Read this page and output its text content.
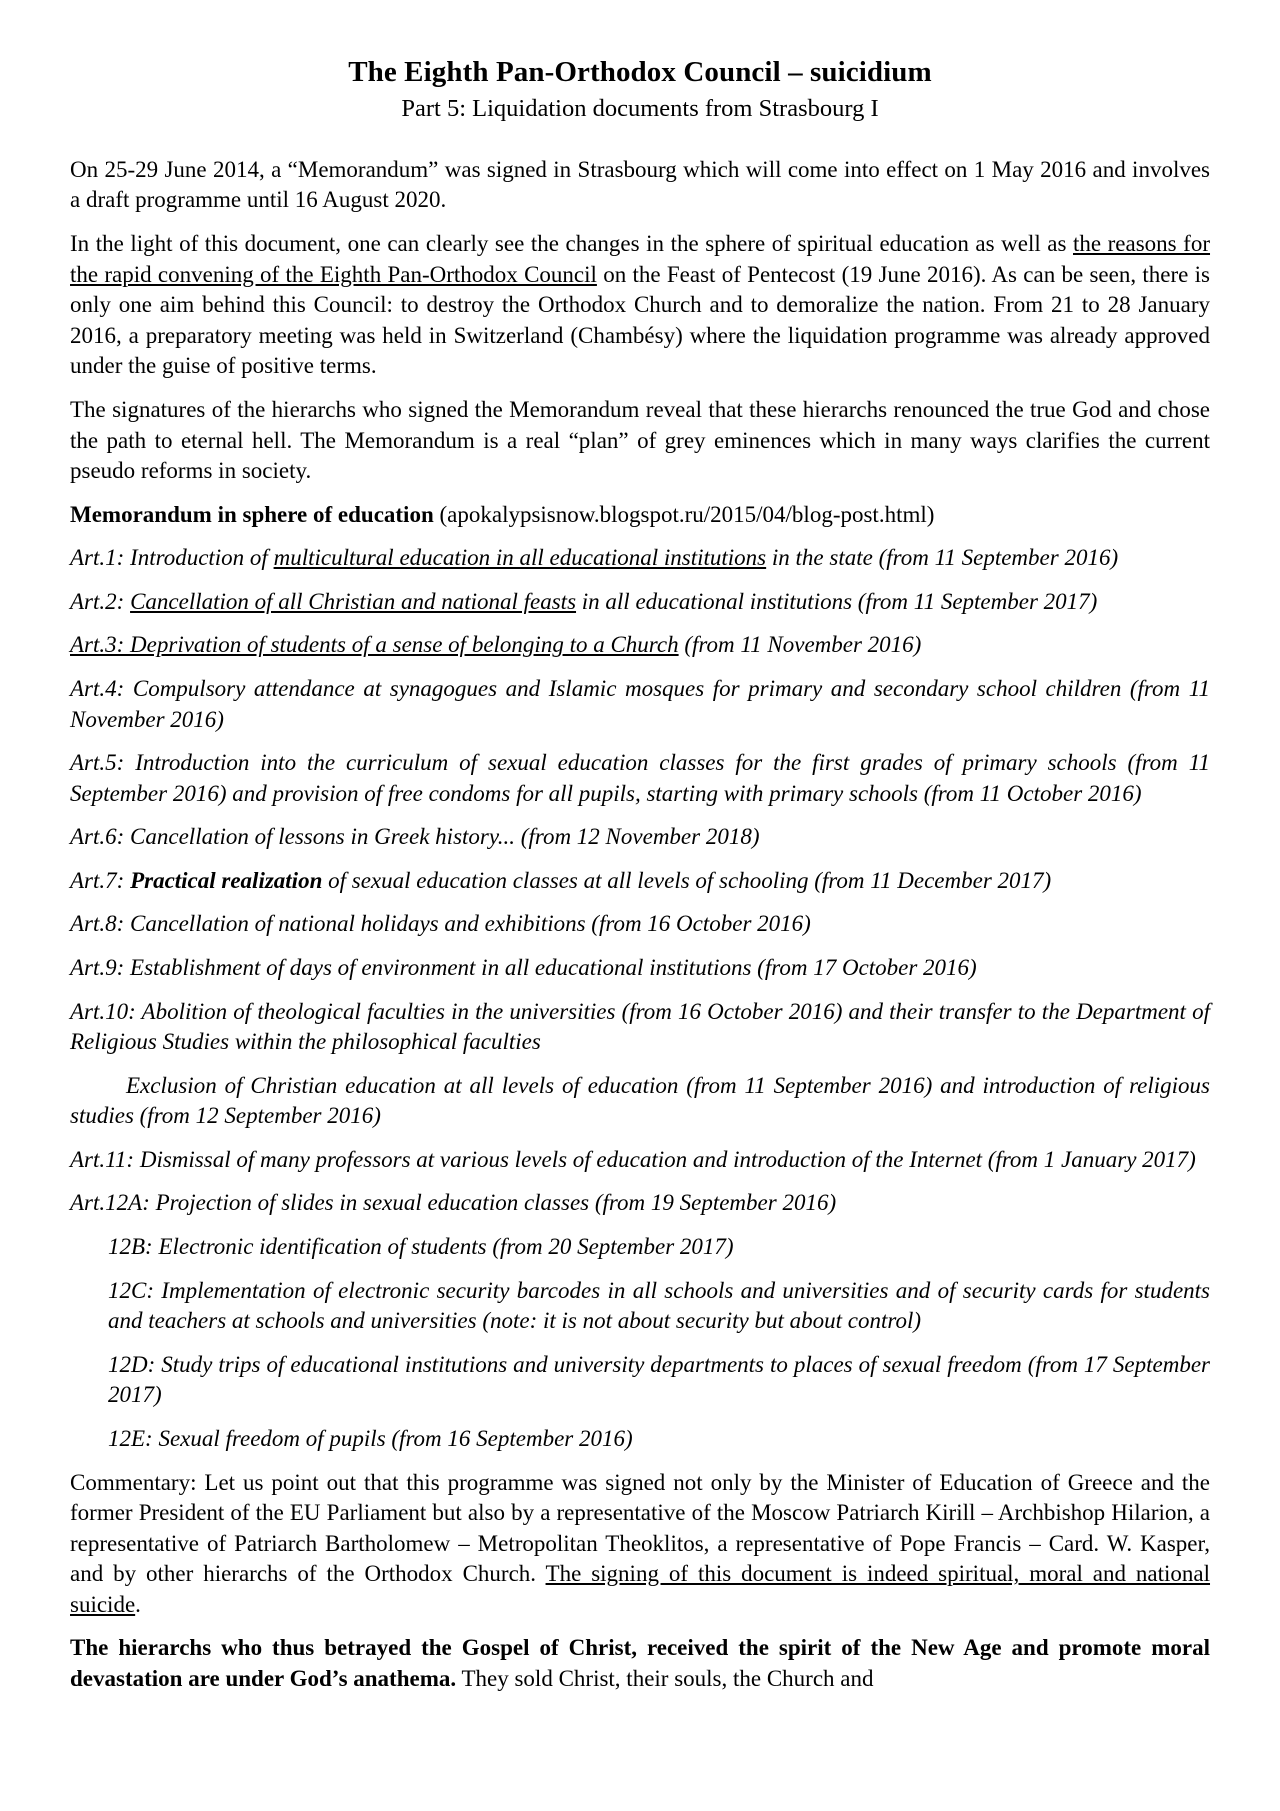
The Eighth Pan-Orthodox Council – suicidium
Part 5: Liquidation documents from Strasbourg I

On 25-29 June 2014, a “Memorandum” was signed in Strasbourg which will come into effect on 1 May 2016 and involves a draft programme until 16 August 2020.

In the light of this document, one can clearly see the changes in the sphere of spiritual education as well as the reasons for the rapid convening of the Eighth Pan-Orthodox Council on the Feast of Pentecost (19 June 2016). As can be seen, there is only one aim behind this Council: to destroy the Orthodox Church and to demoralize the nation. From 21 to 28 January 2016, a preparatory meeting was held in Switzerland (Chambésy) where the liquidation programme was already approved under the guise of positive terms.

The signatures of the hierarchs who signed the Memorandum reveal that these hierarchs renounced the true God and chose the path to eternal hell. The Memorandum is a real “plan” of grey eminences which in many ways clarifies the current pseudo reforms in society.

Memorandum in sphere of education (apokalypsisnow.blogspot.ru/2015/04/blog-post.html)

Art.1: Introduction of multicultural education in all educational institutions in the state (from 11 September 2016)

Art.2: Cancellation of all Christian and national feasts in all educational institutions (from 11 September 2017)

Art.3: Deprivation of students of a sense of belonging to a Church (from 11 November 2016)

Art.4: Compulsory attendance at synagogues and Islamic mosques for primary and secondary school children (from 11 November 2016)

Art.5: Introduction into the curriculum of sexual education classes for the first grades of primary schools (from 11 September 2016) and provision of free condoms for all pupils, starting with primary schools (from 11 October 2016)

Art.6: Cancellation of lessons in Greek history... (from 12 November 2018)

Art.7: Practical realization of sexual education classes at all levels of schooling (from 11 December 2017)

Art.8: Cancellation of national holidays and exhibitions (from 16 October 2016)

Art.9: Establishment of days of environment in all educational institutions (from 17 October 2016)

Art.10: Abolition of theological faculties in the universities (from 16 October 2016) and their transfer to the Department of Religious Studies within the philosophical faculties

Exclusion of Christian education at all levels of education (from 11 September 2016) and introduction of religious studies (from 12 September 2016)

Art.11: Dismissal of many professors at various levels of education and introduction of the Internet (from 1 January 2017)

Art.12A: Projection of slides in sexual education classes (from 19 September 2016)

12B: Electronic identification of students (from 20 September 2017)

12C: Implementation of electronic security barcodes in all schools and universities and of security cards for students and teachers at schools and universities (note: it is not about security but about control)

12D: Study trips of educational institutions and university departments to places of sexual freedom (from 17 September 2017)

12E: Sexual freedom of pupils (from 16 September 2016)

Commentary: Let us point out that this programme was signed not only by the Minister of Education of Greece and the former President of the EU Parliament but also by a representative of the Moscow Patriarch Kirill – Archbishop Hilarion, a representative of Patriarch Bartholomew – Metropolitan Theoklitos, a representative of Pope Francis – Card. W. Kasper, and by other hierarchs of the Orthodox Church. The signing of this document is indeed spiritual, moral and national suicide.

The hierarchs who thus betrayed the Gospel of Christ, received the spirit of the New Age and promote moral devastation are under God’s anathema. They sold Christ, their souls, the Church and
